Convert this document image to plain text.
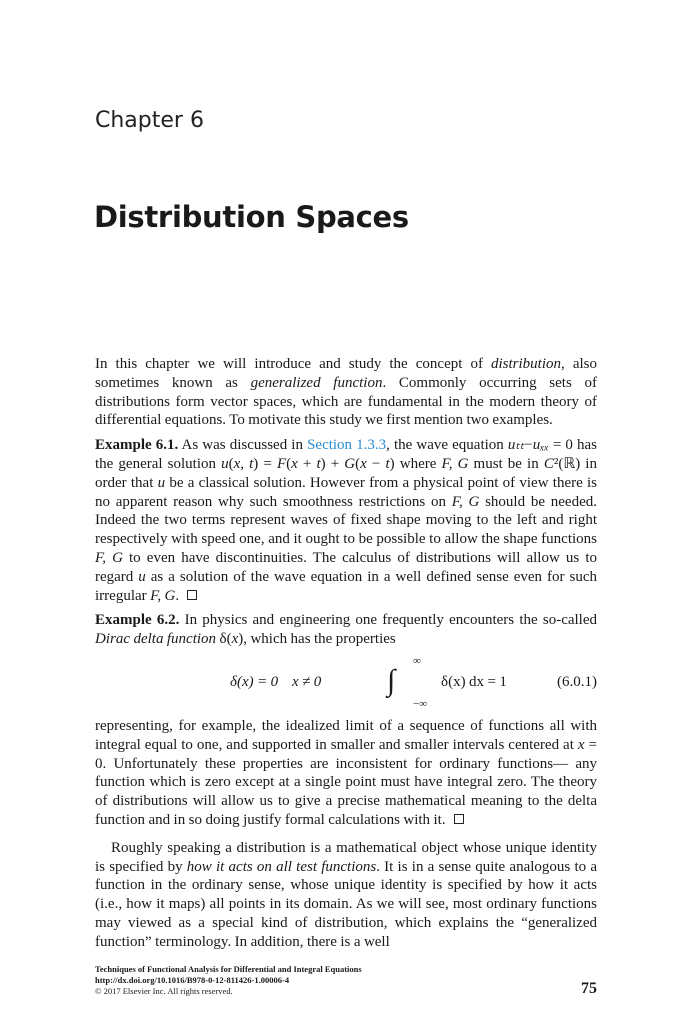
Chapter 6
Distribution Spaces

In this chapter we will introduce and study the concept of distribution, also sometimes known as generalized function. Commonly occurring sets of distributions form vector spaces, which are fundamental in the modern theory of differential equations. To motivate this study we first mention two examples.

Example 6.1. As was discussed in Section 1.3.3, the wave equation uₜₜ−uₓₓ = 0 has the general solution u(x, t) = F(x + t) + G(x − t) where F, G must be in C²(ℝ) in order that u be a classical solution. However from a physical point of view there is no apparent reason why such smoothness restrictions on F, G should be needed. Indeed the two terms represent waves of fixed shape moving to the left and right respectively with speed one, and it ought to be possible to allow the shape functions F, G to even have discontinuities. The calculus of distributions will allow us to regard u as a solution of the wave equation in a well defined sense even for such irregular F, G.

Example 6.2. In physics and engineering one frequently encounters the so-called Dirac delta function δ(x), which has the properties

δ(x) = 0    x ≠ 0 ∫
∞
−∞
δ(x) dx = 1	(6.0.1)

representing, for example, the idealized limit of a sequence of functions all with integral equal to one, and supported in smaller and smaller intervals centered at x = 0. Unfortunately these properties are inconsistent for ordinary functions— any function which is zero except at a single point must have integral zero. The theory of distributions will allow us to give a precise mathematical meaning to the delta function and in so doing justify formal calculations with it.

Roughly speaking a distribution is a mathematical object whose unique identity is specified by how it acts on all test functions. It is in a sense quite analogous to a function in the ordinary sense, whose unique identity is specified by how it acts (i.e., how it maps) all points in its domain. As we will see, most ordinary functions may viewed as a special kind of distribution, which explains the “generalized function” terminology. In addition, there is a well

Techniques of Functional Analysis for Differential and Integral Equations
http://dx.doi.org/10.1016/B978-0-12-811426-1.00006-4
© 2017 Elsevier Inc. All rights reserved.	75
